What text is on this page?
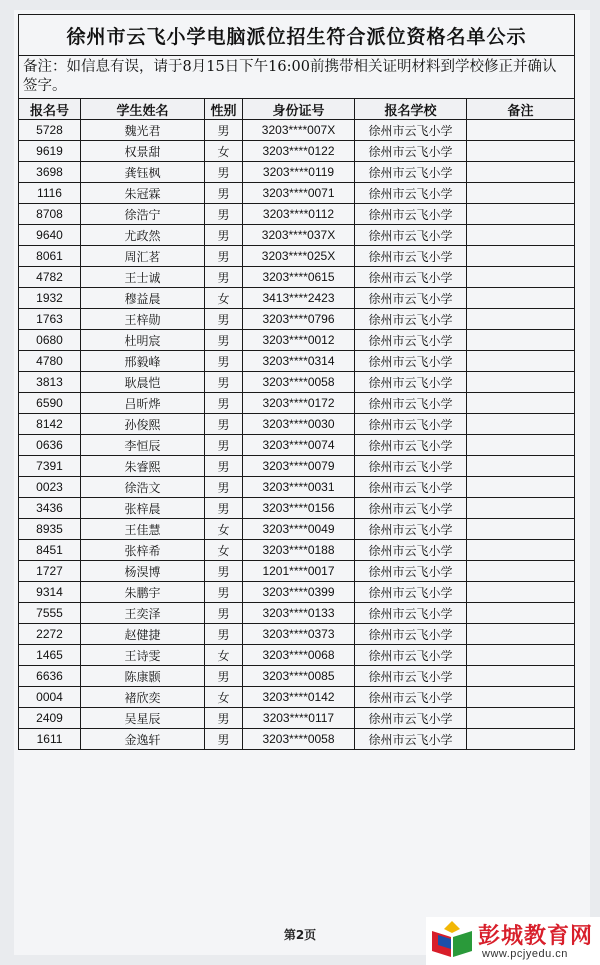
徐州市云飞小学电脑派位招生符合派位资格名单公示					
备注：如信息有误，请于8月15日下午16:00前携带相关证明材料到学校修正并确认签字。					
报名号	学生姓名	性别	身份证号	报名学校	备注
5728	魏光君	男	3203****007X	徐州市云飞小学	
9619	权景甜	女	3203****0122	徐州市云飞小学	
3698	龚钰枫	男	3203****0119	徐州市云飞小学	
1116	朱冠霖	男	3203****0071	徐州市云飞小学	
8708	徐浩宁	男	3203****0112	徐州市云飞小学	
9640	尤政然	男	3203****037X	徐州市云飞小学	
8061	周汇茗	男	3203****025X	徐州市云飞小学	
4782	王士诚	男	3203****0615	徐州市云飞小学	
1932	穆益晨	女	3413****2423	徐州市云飞小学	
1763	王梓勋	男	3203****0796	徐州市云飞小学	
0680	杜明宸	男	3203****0012	徐州市云飞小学	
4780	邢毅峰	男	3203****0314	徐州市云飞小学	
3813	耿晨恺	男	3203****0058	徐州市云飞小学	
6590	吕昕烨	男	3203****0172	徐州市云飞小学	
8142	孙俊熙	男	3203****0030	徐州市云飞小学	
0636	李恒辰	男	3203****0074	徐州市云飞小学	
7391	朱睿熙	男	3203****0079	徐州市云飞小学	
0023	徐浩文	男	3203****0031	徐州市云飞小学	
3436	张梓晨	男	3203****0156	徐州市云飞小学	
8935	王佳慧	女	3203****0049	徐州市云飞小学	
8451	张梓希	女	3203****0188	徐州市云飞小学	
1727	杨淏博	男	1201****0017	徐州市云飞小学	
9314	朱鹏宇	男	3203****0399	徐州市云飞小学	
7555	王奕泽	男	3203****0133	徐州市云飞小学	
2272	赵健捷	男	3203****0373	徐州市云飞小学	
1465	王诗雯	女	3203****0068	徐州市云飞小学	
6636	陈康颢	男	3203****0085	徐州市云飞小学	
0004	褚欣奕	女	3203****0142	徐州市云飞小学	
2409	吴星辰	男	3203****0117	徐州市云飞小学	
1611	金逸轩	男	3203****0058	徐州市云飞小学	
第2页	彭城教育网
www.pcjyedu.cn
